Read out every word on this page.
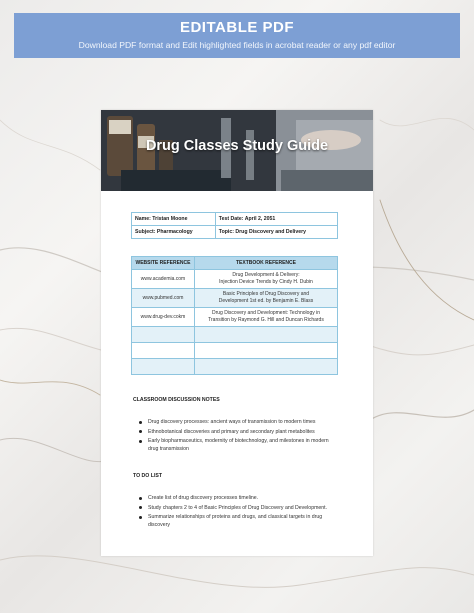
EDITABLE PDF
Download PDF format and Edit highlighted fields in acrobat reader or any pdf editor
Drug Classes Study Guide
Name: Tristan Moone	Test Date: April 2, 2051
Subject: Pharmacology	Topic: Drug Discovery and Delivery
WEBSITE REFERENCE	TEXTBOOK REFERENCE
www.academia.com	Drug Development & Delivery:
Injection Device Trends by Cindy H. Dubin
www.pubmed.com	Basic Principles of Drug Discovery and
Development 1st ed. by Benjamin E. Blass
www.drug-dev.cokm	Drug Discovery and Development: Technology in
Transition by Raymond G. Hill and Duncan Richards

CLASSROOM DISCUSSION NOTES
Drug discovery processes: ancient ways of transmission to modern times
Ethnobotanical discoveries and primary and secondary plant metabolites
Early biopharmaceutics, modernity of biotechnology, and milestones in modern drug transmission
TO DO LIST
Create list of drug discovery processes timeline.
Study chapters 2 to 4 of Basic Principles of Drug Discovery and Development.
Summarize relationships of proteins and drugs, and classical targets in drug discovery
